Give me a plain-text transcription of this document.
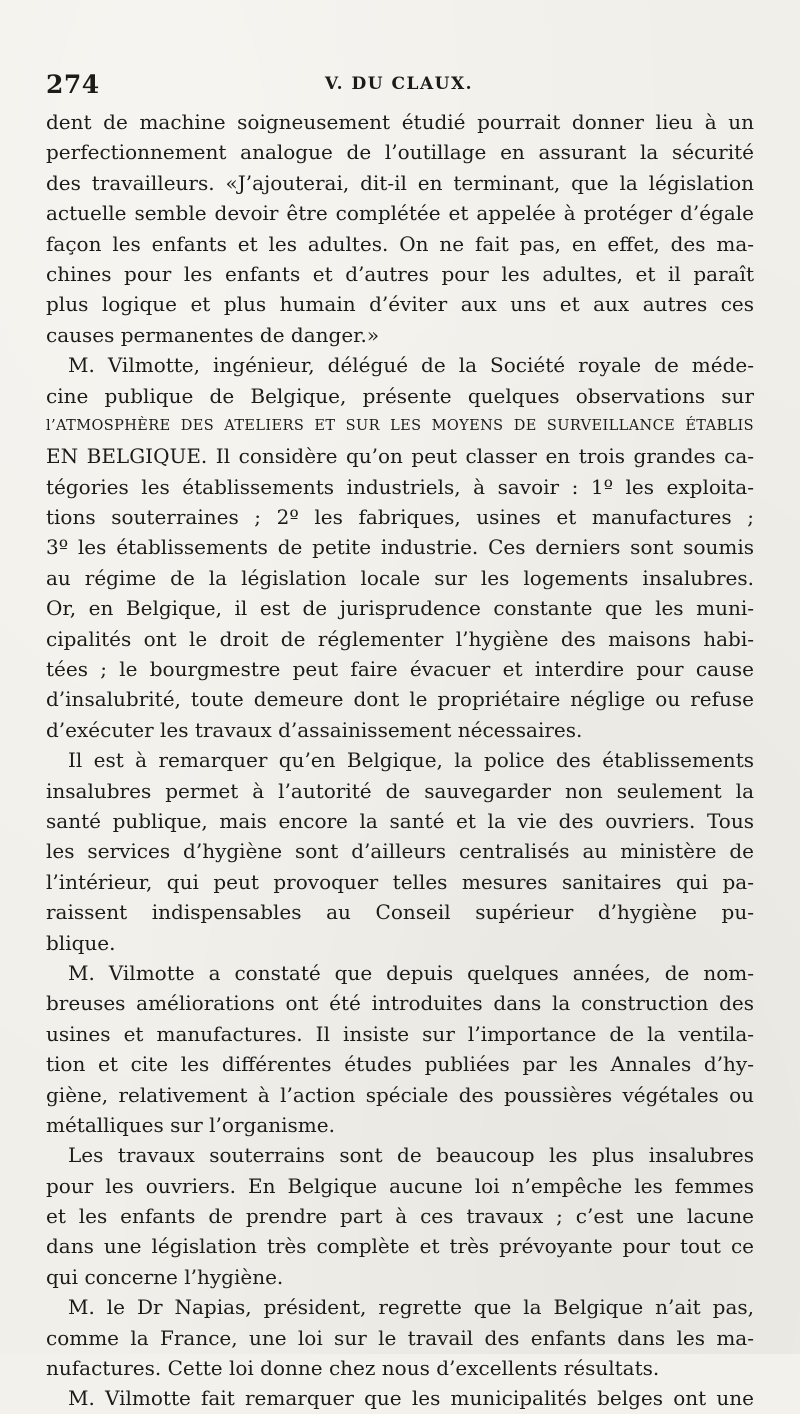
274	V. DU CLAUX.
dent de machine soigneusement étudié pourrait donner lieu à un
perfectionnement analogue de l’outillage en assurant la sécurité
des travailleurs. «J’ajouterai, dit-il en terminant, que la législation
actuelle semble devoir être complétée et appelée à protéger d’égale
façon les enfants et les adultes. On ne fait pas, en effet, des ma-
chines pour les enfants et d’autres pour les adultes, et il paraît
plus logique et plus humain d’éviter aux uns et aux autres ces
causes permanentes de danger.»
M. Vilmotte, ingénieur, délégué de la Société royale de méde-
cine publique de Belgique, présente quelques observations sur
l’ATMOSPHÈRE DES ATELIERS ET SUR LES MOYENS DE SURVEILLANCE ÉTABLIS
EN BELGIQUE. Il considère qu’on peut classer en trois grandes ca-
tégories les établissements industriels, à savoir : 1º les exploita-
tions souterraines ; 2º les fabriques, usines et manufactures ;
3º les établissements de petite industrie. Ces derniers sont soumis
au régime de la législation locale sur les logements insalubres.
Or, en Belgique, il est de jurisprudence constante que les muni-
cipalités ont le droit de réglementer l’hygiène des maisons habi-
tées ; le bourgmestre peut faire évacuer et interdire pour cause
d’insalubrité, toute demeure dont le propriétaire néglige ou refuse
d’exécuter les travaux d’assainissement nécessaires.
Il est à remarquer qu’en Belgique, la police des établissements
insalubres permet à l’autorité de sauvegarder non seulement la
santé publique, mais encore la santé et la vie des ouvriers. Tous
les services d’hygiène sont d’ailleurs centralisés au ministère de
l’intérieur, qui peut provoquer telles mesures sanitaires qui pa-
raissent indispensables au Conseil supérieur d’hygiène pu-
blique.
M. Vilmotte a constaté que depuis quelques années, de nom-
breuses améliorations ont été introduites dans la construction des
usines et manufactures. Il insiste sur l’importance de la ventila-
tion et cite les différentes études publiées par les Annales d’hy-
giène, relativement à l’action spéciale des poussières végétales ou
métalliques sur l’organisme.
Les travaux souterrains sont de beaucoup les plus insalubres
pour les ouvriers. En Belgique aucune loi n’empêche les femmes
et les enfants de prendre part à ces travaux ; c’est une lacune
dans une législation très complète et très prévoyante pour tout ce
qui concerne l’hygiène.
M. le Dr Napias, président, regrette que la Belgique n’ait pas,
comme la France, une loi sur le travail des enfants dans les ma-
nufactures. Cette loi donne chez nous d’excellents résultats.
M. Vilmotte fait remarquer que les municipalités belges ont une
